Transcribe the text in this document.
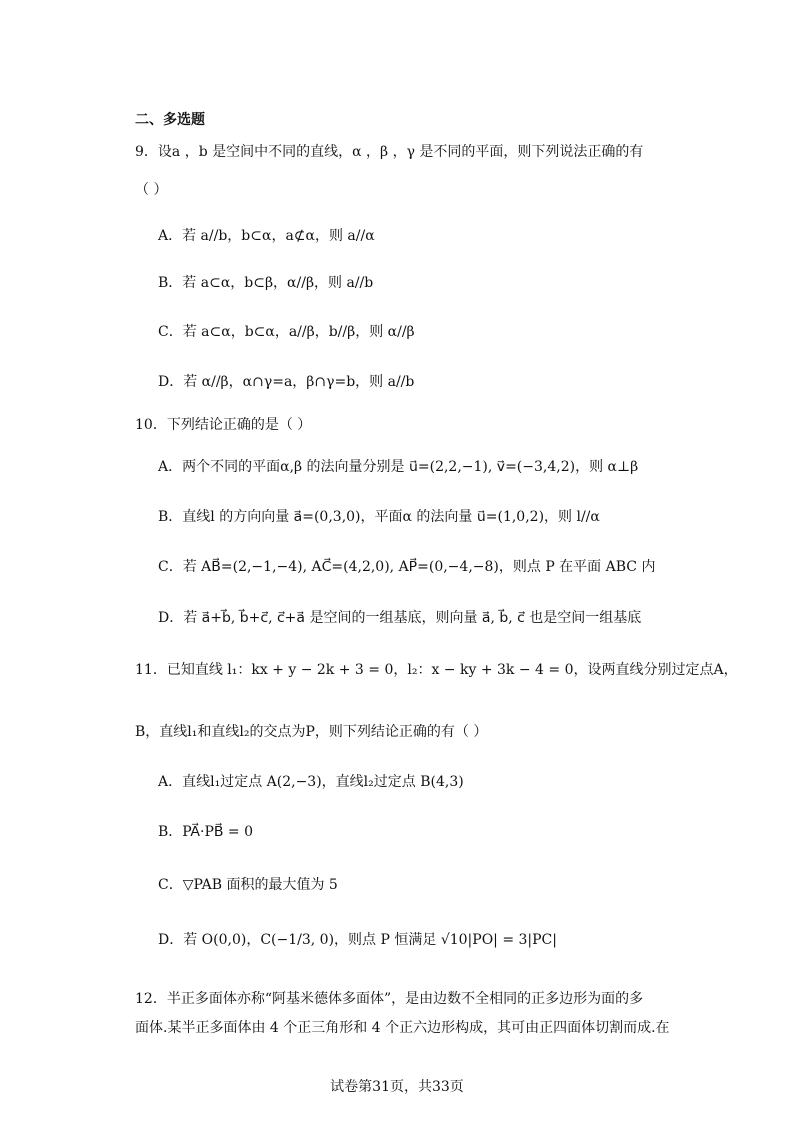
二、多选题
9．设a ，b 是空间中不同的直线，α ，β ，γ 是不同的平面，则下列说法正确的有
（ ）
A．若 a//b，b⊂α，a⊄α，则 a//α
B．若 a⊂α，b⊂β，α//β，则 a//b
C．若 a⊂α，b⊂α，a//β，b//β，则 α//β
D．若 α//β，α∩γ=a，β∩γ=b，则 a//b
10．下列结论正确的是（ ）
A．两个不同的平面α,β 的法向量分别是 u⃗=(2,2,−1), v⃗=(−3,4,2)，则 α⊥β
B．直线l 的方向向量 a⃗=(0,3,0)，平面α 的法向量 u⃗=(1,0,2)，则 l//α
C．若 AB⃗=(2,−1,−4), AC⃗=(4,2,0), AP⃗=(0,−4,−8)，则点 P 在平面 ABC 内
D．若 a⃗+b⃗, b⃗+c⃗, c⃗+a⃗ 是空间的一组基底，则向量 a⃗, b⃗, c⃗ 也是空间一组基底
11．已知直线 l₁：kx + y − 2k + 3 = 0，l₂：x − ky + 3k − 4 = 0，设两直线分别过定点A，
B，直线l₁和直线l₂的交点为P，则下列结论正确的有（ ）
A．直线l₁过定点 A(2,−3)，直线l₂过定点 B(4,3)
B．PA⃗·PB⃗ = 0
C．▽PAB 面积的最大值为 5
D．若 O(0,0)，C(−1/3, 0)，则点 P 恒满足 √10|PO| = 3|PC|
12．半正多面体亦称“阿基米德体多面体”，是由边数不全相同的正多边形为面的多
面体.某半正多面体由 4 个正三角形和 4 个正六边形构成，其可由正四面体切割而成.在
试卷第31页，共33页
